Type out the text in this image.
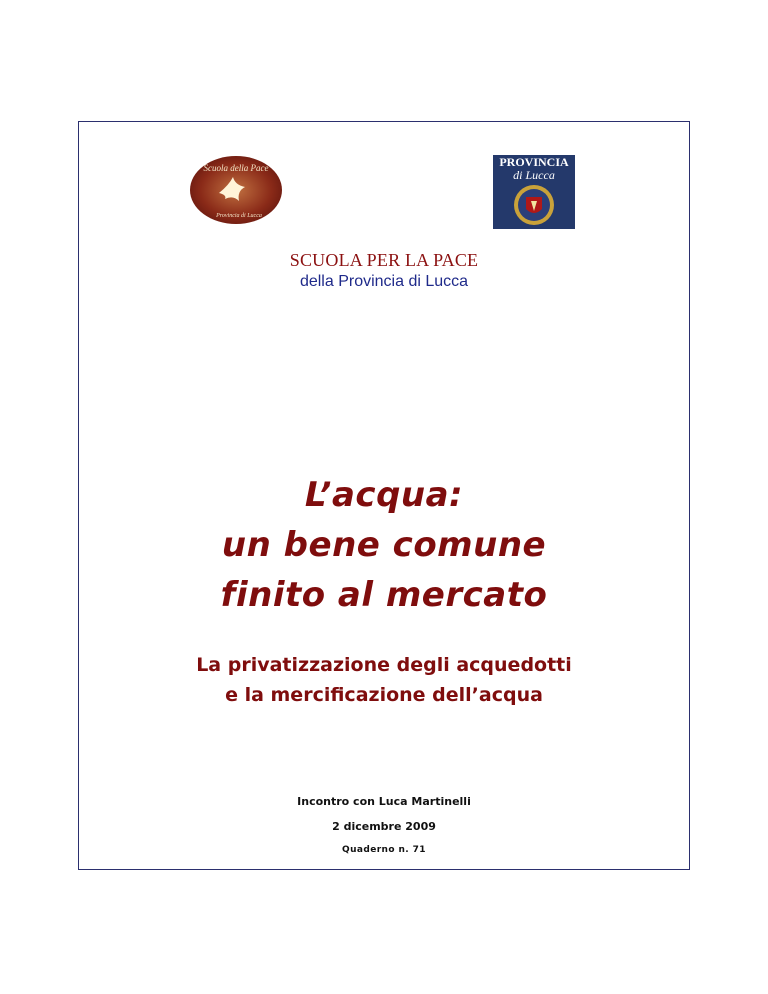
Scuola della Pace
Provincia di Lucca
PROVINCIA
di Lucca
SCUOLA PER LA PACE
della Provincia di Lucca
L’acqua:
un bene comune
finito al mercato
La privatizzazione degli acquedotti
e la mercificazione dell’acqua
Incontro con Luca Martinelli
2 dicembre 2009
Quaderno n. 71
